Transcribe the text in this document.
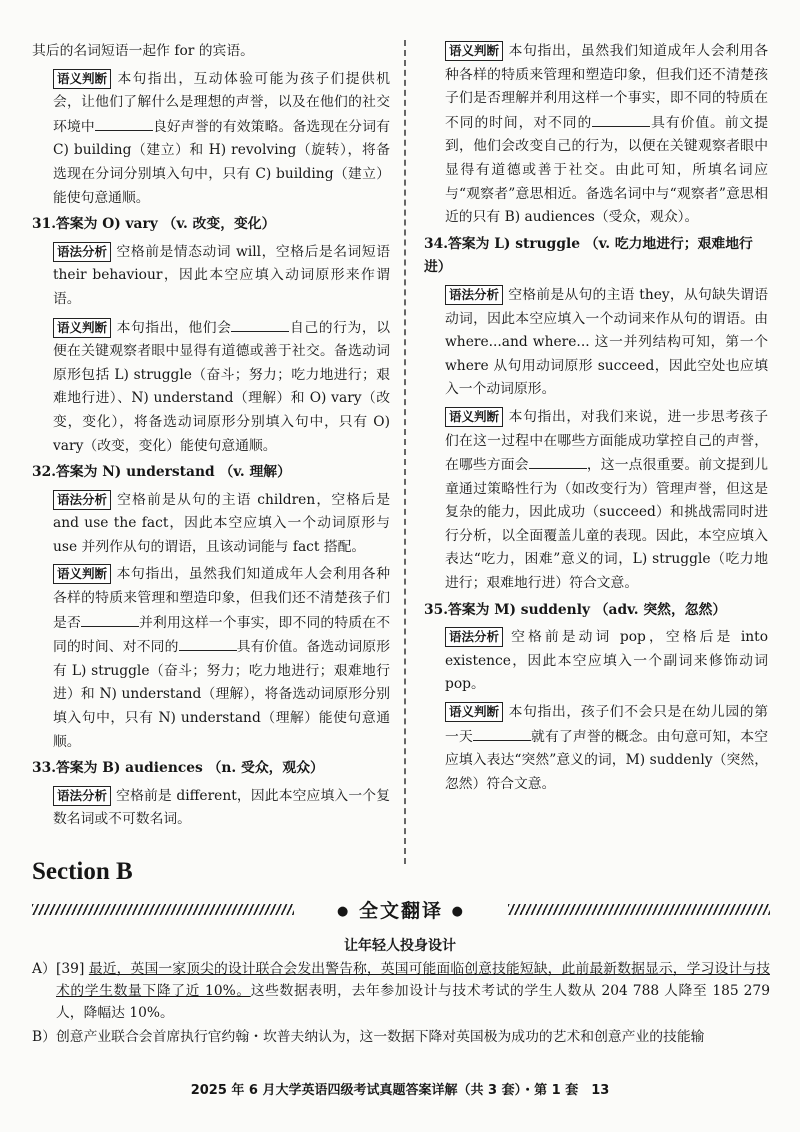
其后的名词短语一起作 for 的宾语。

语义判断 本句指出，互动体验可能为孩子们提供机会，让他们了解什么是理想的声誉，以及在他们的社交环境中	良好声誉的有效策略。备选现在分词有 C) building（建立）和 H) revolving（旋转），将备选现在分词分别填入句中，只有 C) building（建立）能使句意通顺。

31.答案为 O) vary （v. 改变，变化）

语法分析 空格前是情态动词 will，空格后是名词短语 their behaviour，因此本空应填入动词原形来作谓语。

语义判断 本句指出，他们会	自己的行为，以便在关键观察者眼中显得有道德或善于社交。备选动词原形包括 L) struggle（奋斗；努力；吃力地进行；艰难地行进）、N) understand（理解）和 O) vary（改变，变化），将备选动词原形分别填入句中，只有 O) vary（改变，变化）能使句意通顺。

32.答案为 N) understand （v. 理解）

语法分析 空格前是从句的主语 children，空格后是 and use the fact，因此本空应填入一个动词原形与 use 并列作从句的谓语，且该动词能与 fact 搭配。

语义判断 本句指出，虽然我们知道成年人会利用各种各样的特质来管理和塑造印象，但我们还不清楚孩子们是否	并利用这样一个事实，即不同的特质在不同的时间、对不同的	具有价值。备选动词原形有 L) struggle（奋斗；努力；吃力地进行；艰难地行进）和 N) understand（理解），将备选动词原形分别填入句中，只有 N) understand（理解）能使句意通顺。

33.答案为 B) audiences （n. 受众，观众）

语法分析 空格前是 different，因此本空应填入一个复数名词或不可数名词。

语义判断 本句指出，虽然我们知道成年人会利用各种各样的特质来管理和塑造印象，但我们还不清楚孩子们是否理解并利用这样一个事实，即不同的特质在不同的时间，对不同的	具有价值。前文提到，他们会改变自己的行为，以便在关键观察者眼中显得有道德或善于社交。由此可知，所填名词应与“观察者”意思相近。备选名词中与“观察者”意思相近的只有 B) audiences（受众，观众）。

34.答案为 L) struggle （v. 吃力地进行；艰难地行进）

语法分析 空格前是从句的主语 they，从句缺失谓语动词，因此本空应填入一个动词来作从句的谓语。由 where...and where... 这一并列结构可知，第一个 where 从句用动词原形 succeed，因此空处也应填入一个动词原形。

语义判断 本句指出，对我们来说，进一步思考孩子们在这一过程中在哪些方面能成功掌控自己的声誉，在哪些方面会	，这一点很重要。前文提到儿童通过策略性行为（如改变行为）管理声誉，但这是复杂的能力，因此成功（succeed）和挑战需同时进行分析，以全面覆盖儿童的表现。因此，本空应填入表达“吃力，困难”意义的词，L) struggle（吃力地进行；艰难地行进）符合文意。

35.答案为 M) suddenly （adv. 突然，忽然）

语法分析 空格前是动词 pop，空格后是 into existence，因此本空应填入一个副词来修饰动词 pop。

语义判断 本句指出，孩子们不会只是在幼儿园的第一天	就有了声誉的概念。由句意可知，本空应填入表达“突然”意义的词，M) suddenly（突然，忽然）符合文意。

Section B
● 全文翻译 ●
让年轻人投身设计
A） [39] 最近，英国一家顶尖的设计联合会发出警告称，英国可能面临创意技能短缺，此前最新数据显示，学习设计与技术的学生数量下降了近 10%。这些数据表明，去年参加设计与技术考试的学生人数从 204 788 人降至 185 279 人，降幅达 10%。
B） 创意产业联合会首席执行官约翰・坎普夫纳认为，这一数据下降对英国极为成功的艺术和创意产业的技能输
2025 年 6 月大学英语四级考试真题答案详解（共 3 套）・第 1 套　13
